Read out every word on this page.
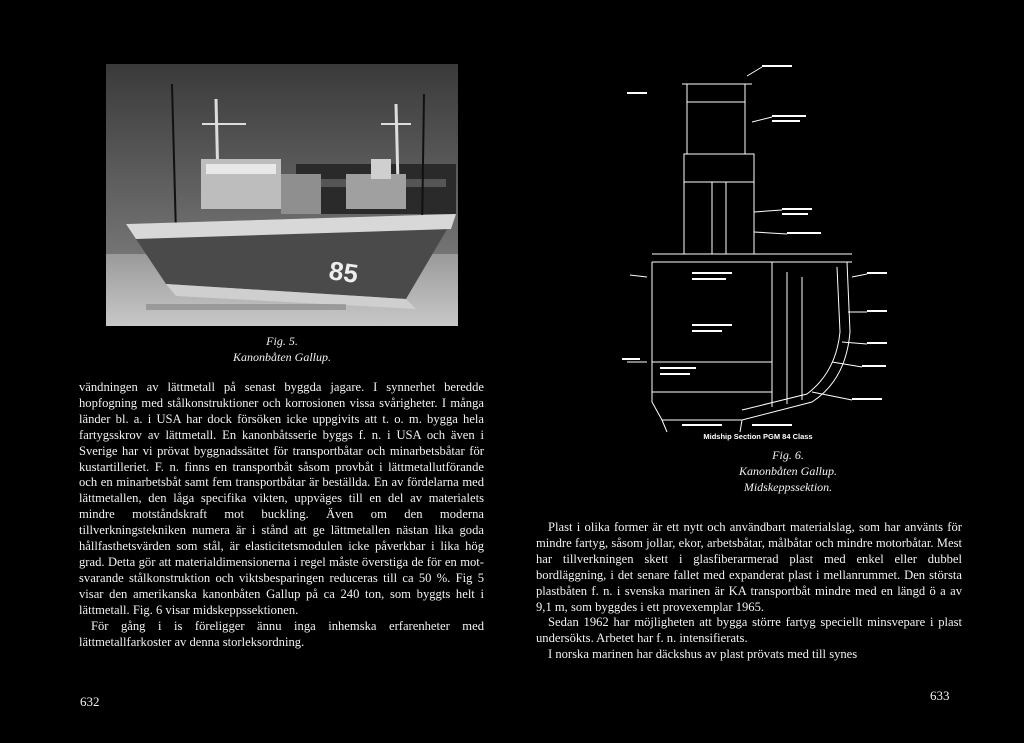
85
Fig. 5.
Kanonbåten Gallup.

vändningen av lättmetall på senast byggda jagare. I synnerhet beredde hopfogning med stålkonstruktioner och korrosionen vissa svårigheter. I många länder bl. a. i USA har dock försöken icke uppgivits att t. o. m. bygga hela fartygsskrov av lättmetall. En kanonbåtsserie byggs f. n. i USA och även i Sverige har vi prövat byggnadssättet för transportbåtar och minarbetsbåtar för kustartilleriet. F. n. finns en transportbåt såsom provbåt i lättmetallutförande och en minarbetsbåt samt fem transportbåtar är beställda. En av fördelarna med lättmetallen, den låga specifika vikten, uppväges till en del av materialets mindre motståndskraft mot buckling. Även om den moderna tillverkningstekniken numera är i stånd att ge lättmetallen nästan lika goda hållfasthetsvärden som stål, är elasticitetsmodulen icke påverkbar i lika hög grad. Detta gör att materialdimensionerna i regel måste överstiga de för en motsvarande stålkonstruktion och viktsbesparingen reduceras till ca 50 %. Fig 5 visar den amerikanska kanonbåten Gallup på ca 240 ton, som byggts helt i lättmetall. Fig. 6 visar midskeppssektionen.

För gång i is föreligger ännu inga inhemska erfarenheter med lättmetallfarkoster av denna storleksordning.

632
Midship Section PGM 84 Class
Fig. 6.
Kanonbåten Gallup. Midskeppssektion.

Plast i olika former är ett nytt och användbart materialslag, som har använts för mindre fartyg, såsom jollar, ekor, arbetsbåtar, målbåtar och mindre motorbåtar. Mest har tillverkningen skett i glasfiberarmerad plast med enkel eller dubbel bordläggning, i det senare fallet med expanderat plast i mellanrummet. Den största plastbåten f. n. i svenska marinen är KA transportbåt mindre med en längd ö a av 9,1 m, som byggdes i ett provexemplar 1965.

Sedan 1962 har möjligheten att bygga större fartyg speciellt minsvepare i plast undersökts. Arbetet har f. n. intensifierats.

I norska marinen har däckshus av plast prövats med till synes

633
